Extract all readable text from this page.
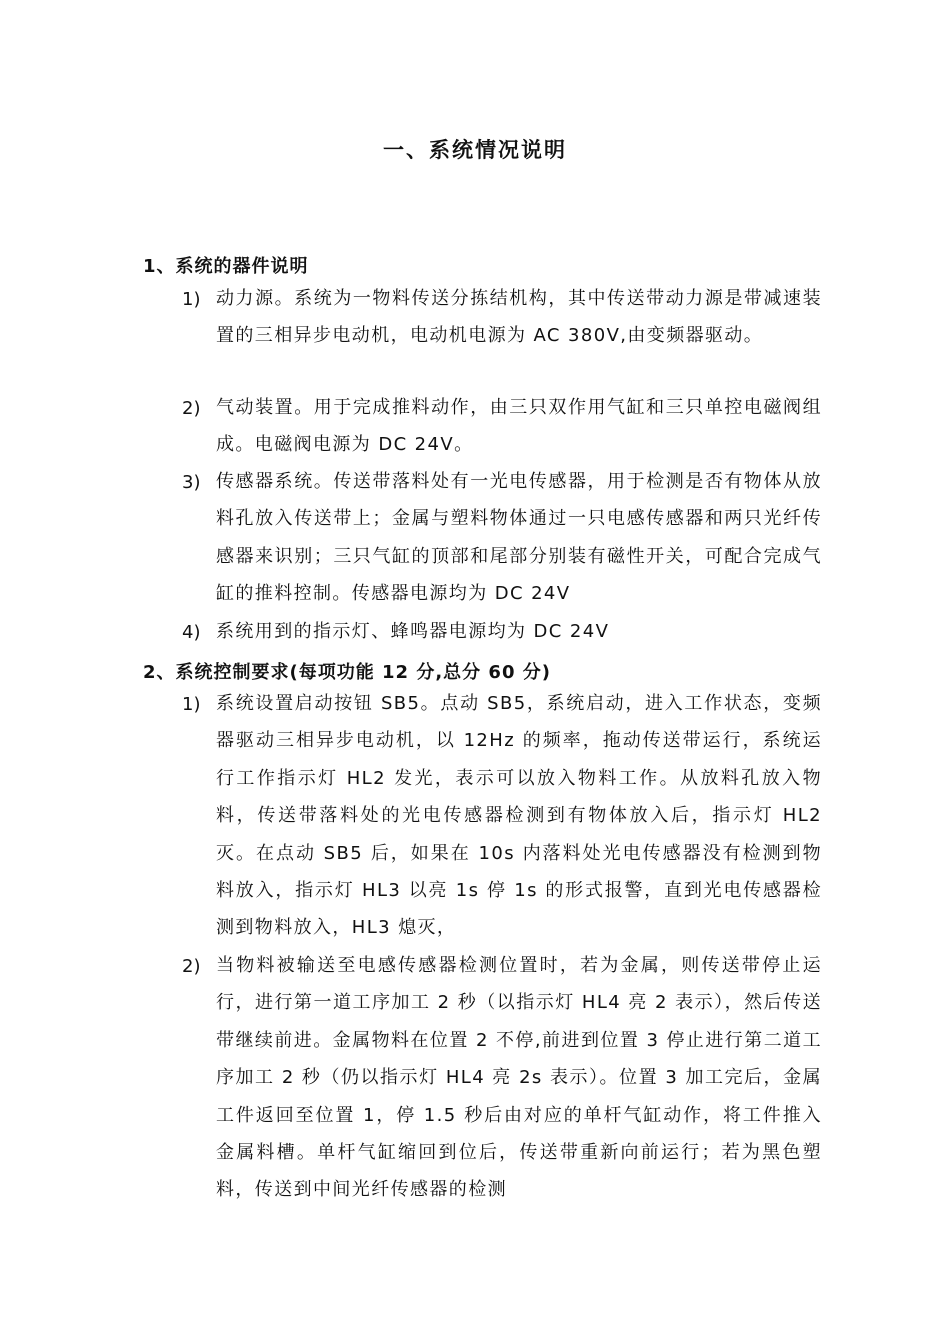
一、系统情况说明
1、系统的器件说明
1) 动力源。系统为一物料传送分拣结机构，其中传送带动力源是带减速装置的三相异步电动机，电动机电源为 AC 380V,由变频器驱动。
2) 气动装置。用于完成推料动作，由三只双作用气缸和三只单控电磁阀组成。电磁阀电源为 DC 24V。
3) 传感器系统。传送带落料处有一光电传感器，用于检测是否有物体从放料孔放入传送带上；金属与塑料物体通过一只电感传感器和两只光纤传感器来识别；三只气缸的顶部和尾部分别装有磁性开关，可配合完成气缸的推料控制。传感器电源均为 DC 24V
4) 系统用到的指示灯、蜂鸣器电源均为 DC 24V
2、系统控制要求(每项功能 12 分,总分 60 分)
1) 系统设置启动按钮 SB5。点动 SB5，系统启动，进入工作状态，变频器驱动三相异步电动机，以 12Hz 的频率，拖动传送带运行，系统运行工作指示灯 HL2 发光，表示可以放入物料工作。从放料孔放入物料，传送带落料处的光电传感器检测到有物体放入后，指示灯 HL2 灭。在点动 SB5 后，如果在 10s 内落料处光电传感器没有检测到物料放入，指示灯 HL3 以亮 1s 停 1s 的形式报警，直到光电传感器检测到物料放入，HL3 熄灭，
2) 当物料被输送至电感传感器检测位置时，若为金属，则传送带停止运行，进行第一道工序加工 2 秒（以指示灯 HL4 亮 2 表示），然后传送带继续前进。金属物料在位置 2 不停,前进到位置 3 停止进行第二道工序加工 2 秒（仍以指示灯 HL4 亮 2s 表示）。位置 3 加工完后，金属工件返回至位置 1，停 1.5 秒后由对应的单杆气缸动作，将工件推入金属料槽。单杆气缸缩回到位后，传送带重新向前运行；若为黑色塑料，传送到中间光纤传感器的检测
